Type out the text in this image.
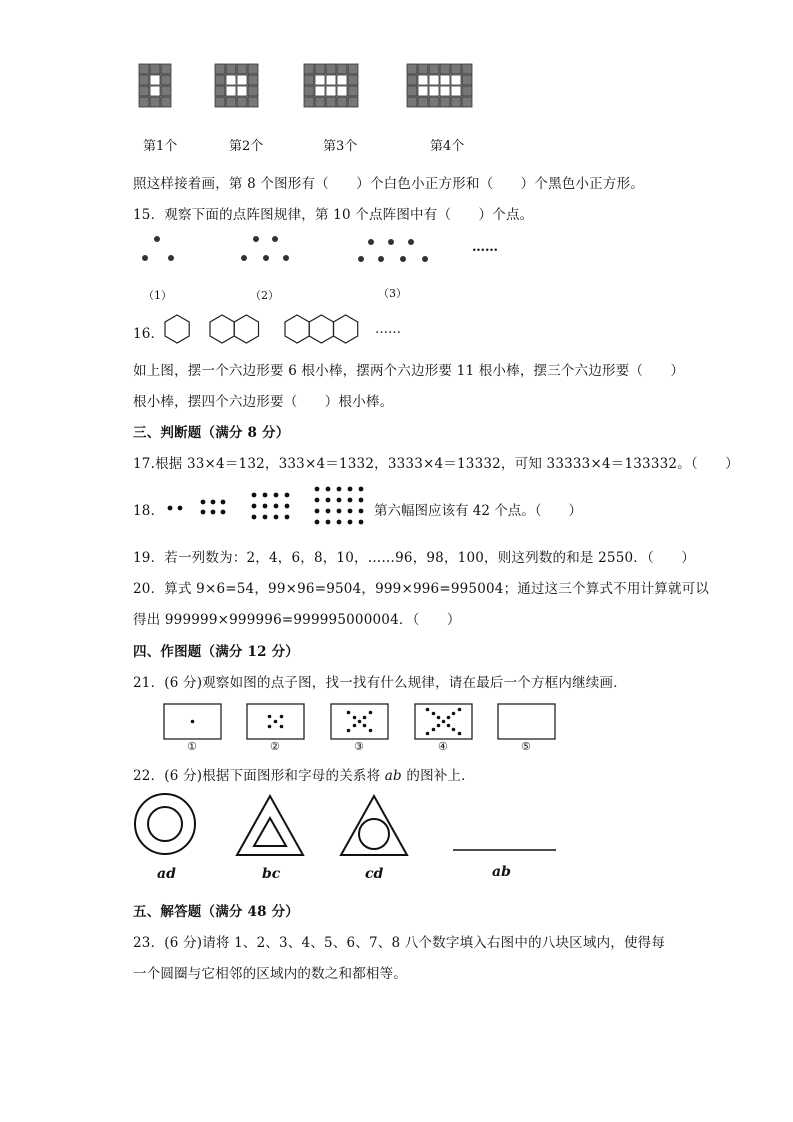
第1个	第2个	第3个	第4个
照这样接着画，第 8 个图形有（　　）个白色小正方形和（　　）个黑色小正方形。
15．观察下面的点阵图规律，第 10 个点阵图中有（　　）个点。
……
（1）	（2）	（3）
16．	……
如上图，摆一个六边形要 6 根小棒，摆两个六边形要 11 根小棒，摆三个六边形要（　　）
根小棒，摆四个六边形要（　　）根小棒。
三、判断题（满分 8 分）
17.根据 33×4＝132，333×4＝1332，3333×4＝13332，可知 33333×4＝133332。（　　）
18．	第六幅图应该有 42 个点。（　　）
19．若一列数为：2，4，6，8，10，……96，98，100，则这列数的和是 2550．（　　）
20．算式 9×6=54，99×96=9504，999×996=995004；通过这三个算式不用计算就可以
得出 999999×999996=999995000004．（　　）
四、作图题（满分 12 分）
21．(6 分)观察如图的点子图，找一找有什么规律，请在最后一个方框内继续画．
①	②	③	④	⑤
22．(6 分)根据下面图形和字母的关系将 ab 的图补上．
ad	bc	cd	ab
五、解答题（满分 48 分）
23．(6 分)请将 1、2、3、4、5、6、7、8 八个数字填入右图中的八块区域内，使得每
一个圆圈与它相邻的区域内的数之和都相等。
